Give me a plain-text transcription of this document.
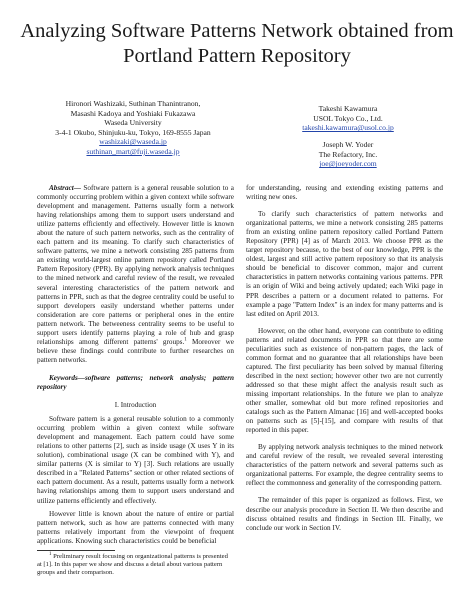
Analyzing Software Patterns Network obtained from
Portland Pattern Repository
Hironori Washizaki, Suthinan Thanintranon,
Masashi Kadoya and Yoshiaki Fukazawa
Waseda University
3-4-1 Okubo, Shinjuku-ku, Tokyo, 169-8555 Japan
washizaki@waseda.jp
suthinan_mart@fuji.waseda.jp
Takeshi Kawamura
USOL Tokyo Co., Ltd.
takeshi.kawamura@usol.co.jp
Joseph W. Yoder
The Refactory, Inc.
joe@joeyoder.com

Abstract— Software pattern is a general reusable solution to a commonly occurring problem within a given context while software development and management. Patterns usually form a network having relationships among them to support users understand and utilize patterns efficiently and effectively. However little is known about the nature of such pattern networks, such as the centrality of each pattern and its meaning. To clarify such characteristics of software patterns, we mine a network consisting 285 patterns from an existing world-largest online pattern repository called Portland Pattern Repository (PPR). By applying network analysis techniques to the mined network and careful review of the result, we revealed several interesting characteristics of the pattern network and patterns in PPR, such as that the degree centrality could be useful to support developers easily understand whether patterns under consideration are core patterns or peripheral ones in the entire pattern network. The betweeness centrality seems to be useful to support users identify patterns playing a role of hub and grasp relationships among different patterns' groups.$^1$ Moreover we believe these findings could contribute to further researches on pattern networks.

Keywords—software patterns; network analysis; pattern repository

I. Introduction

Software pattern is a general reusable solution to a commonly occurring problem within a given context while software development and management. Each pattern could have some relations to other patterns [2], such as inside usage (X uses Y in its solution), combinational usage (X can be combined with Y), and similar patterns (X is similar to Y) [3]. Such relations are usually described in a "Related Patterns" section or other related sections of each pattern document. As a result, patterns usually form a network having relationships among them to support users understand and utilize patterns efficiently and effectively.

However little is known about the nature of entire or partial pattern network, such as how are patterns connected with many patterns relatively important from the viewpoint of frequent applications. Knowing such characteristics could be beneficial

$^1$ Preliminary result focusing on organizational patterns is presented at [1]. In this paper we show and discuss a detail about various pattern groups and their comparison.

for understanding, reusing and extending existing patterns and writing new ones.

To clarify such characteristics of pattern networks and organizational patterns, we mine a network consisting 285 patterns from an existing online pattern repository called Portland Pattern Repository (PPR) [4] as of March 2013. We choose PPR as the target repository because, to the best of our knowledge, PPR is the oldest, largest and still active pattern repository so that its analysis should be beneficial to discover common, major and current characteristics in pattern networks containing various patterns. PPR is an origin of Wiki and being actively updated; each Wiki page in PPR describes a pattern or a document related to patterns. For example a page "Pattern Index" is an index for many patterns and is last edited on April 2013.

However, on the other hand, everyone can contribute to editing patterns and related documents in PPR so that there are some peculiarities such as existence of non-pattern pages, the lack of common format and no guarantee that all relationships have been captured. The first peculiarity has been solved by manual filtering described in the next section; however other two are not currently addressed so that these might affect the analysis result such as missing important relationships. In the future we plan to analyze other smaller, somewhat old but more refined repositories and catalogs such as the Pattern Almanac [16] and well-accepted books on patterns such as [5]-[15], and compare with results of that reported in this paper.

By applying network analysis techniques to the mined network and careful review of the result, we revealed several interesting characteristics of the pattern network and several patterns such as organizational patterns. For example, the degree centrality seems to reflect the commonness and generality of the corresponding pattern.

The remainder of this paper is organized as follows. First, we describe our analysis procedure in Section II. We then describe and discuss obtained results and findings in Section III. Finally, we conclude our work in Section IV.
